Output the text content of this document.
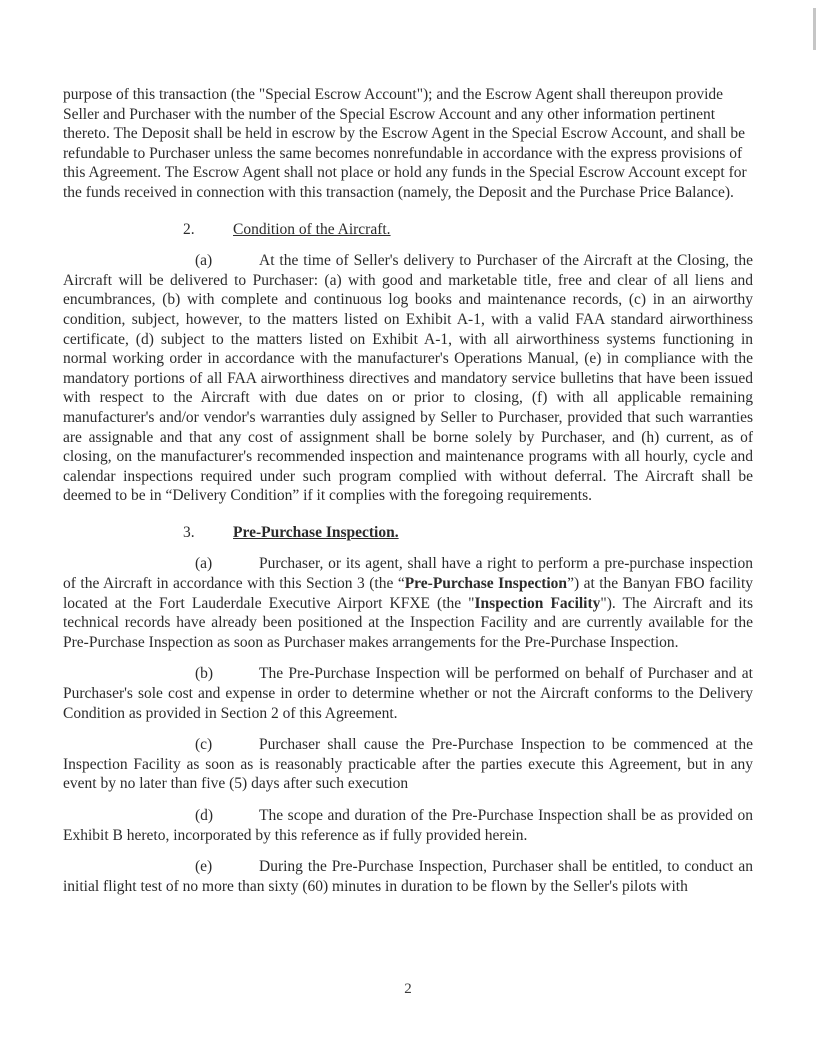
purpose of this transaction (the "Special Escrow Account"); and the Escrow Agent shall thereupon provide Seller and Purchaser with the number of the Special Escrow Account and any other information pertinent thereto. The Deposit shall be held in escrow by the Escrow Agent in the Special Escrow Account, and shall be refundable to Purchaser unless the same becomes nonrefundable in accordance with the express provisions of this Agreement. The Escrow Agent shall not place or hold any funds in the Special Escrow Account except for the funds received in connection with this transaction (namely, the Deposit and the Purchase Price Balance).
2. Condition of the Aircraft.
(a)	At the time of Seller's delivery to Purchaser of the Aircraft at the Closing, the Aircraft will be delivered to Purchaser: (a) with good and marketable title, free and clear of all liens and encumbrances, (b) with complete and continuous log books and maintenance records, (c) in an airworthy condition, subject, however, to the matters listed on Exhibit A-1, with a valid FAA standard airworthiness certificate, (d) subject to the matters listed on Exhibit A-1, with all airworthiness systems functioning in normal working order in accordance with the manufacturer's Operations Manual, (e) in compliance with the mandatory portions of all FAA airworthiness directives and mandatory service bulletins that have been issued with respect to the Aircraft with due dates on or prior to closing, (f) with all applicable remaining manufacturer's and/or vendor's warranties duly assigned by Seller to Purchaser, provided that such warranties are assignable and that any cost of assignment shall be borne solely by Purchaser, and (h) current, as of closing, on the manufacturer's recommended inspection and maintenance programs with all hourly, cycle and calendar inspections required under such program complied with without deferral. The Aircraft shall be deemed to be in “Delivery Condition” if it complies with the foregoing requirements.
3. Pre-Purchase Inspection.
(a)	Purchaser, or its agent, shall have a right to perform a pre-purchase inspection of the Aircraft in accordance with this Section 3 (the “Pre-Purchase Inspection”) at the Banyan FBO facility located at the Fort Lauderdale Executive Airport KFXE (the "Inspection Facility"). The Aircraft and its technical records have already been positioned at the Inspection Facility and are currently available for the Pre-Purchase Inspection as soon as Purchaser makes arrangements for the Pre-Purchase Inspection.
(b)	The Pre-Purchase Inspection will be performed on behalf of Purchaser and at Purchaser's sole cost and expense in order to determine whether or not the Aircraft conforms to the Delivery Condition as provided in Section 2 of this Agreement.
(c)	Purchaser shall cause the Pre-Purchase Inspection to be commenced at the Inspection Facility as soon as is reasonably practicable after the parties execute this Agreement, but in any event by no later than five (5) days after such execution
(d)	The scope and duration of the Pre-Purchase Inspection shall be as provided on Exhibit B hereto, incorporated by this reference as if fully provided herein.
(e)	During the Pre-Purchase Inspection, Purchaser shall be entitled, to conduct an initial flight test of no more than sixty (60) minutes in duration to be flown by the Seller's pilots with
2
